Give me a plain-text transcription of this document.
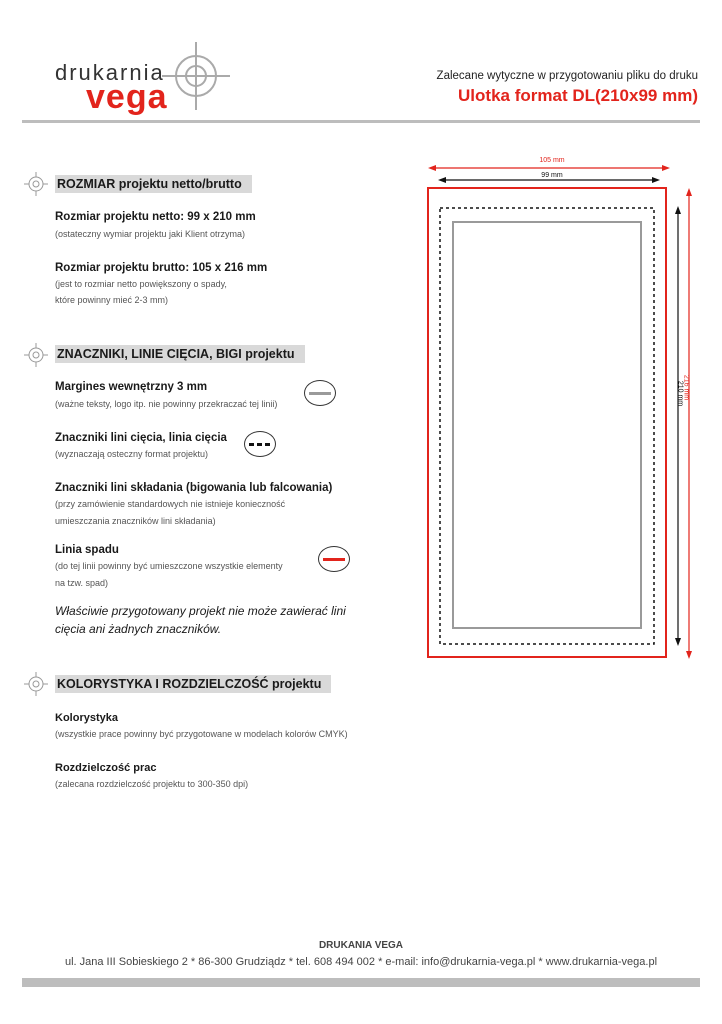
drukarnia
vega
Zalecane wytyczne w przygotowaniu pliku do druku
Ulotka format DL(210x99 mm)
ROZMIAR projektu netto/brutto
Rozmiar projektu netto: 99 x 210 mm
(ostateczny wymiar projektu jaki Klient otrzyma)
Rozmiar projektu brutto: 105 x 216 mm
(jest to rozmiar netto powiększony o spady,
które powinny mieć 2-3 mm)
ZNACZNIKI, LINIE CIĘCIA, BIGI projektu
Margines wewnętrzny 3 mm
(ważne teksty, logo itp. nie powinny przekraczać tej linii)
Znaczniki lini cięcia, linia cięcia
(wyznaczają osteczny format projektu)
Znaczniki lini składania (bigowania lub falcowania)
(przy zamówienie standardowych nie istnieje konieczność
umieszczania znaczników lini składania)
Linia spadu
(do tej linii powinny być umieszczone wszystkie elementy
na tzw. spad)
Właściwie przygotowany projekt nie może zawierać lini cięcia ani żadnych znaczników.
KOLORYSTYKA I ROZDZIELCZOŚĆ projektu
Kolorystyka
(wszystkie prace powinny być przygotowane w modelach kolorów CMYK)
Rozdzielczość prac
(zalecana rozdzielczość projektu to 300-350 dpi)
105 mm
99 mm
216 mm
210 mm
DRUKANIA VEGA
ul. Jana III Sobieskiego 2 * 86-300 Grudziądz * tel. 608 494 002 * e-mail: info@drukarnia-vega.pl * www.drukarnia-vega.pl
